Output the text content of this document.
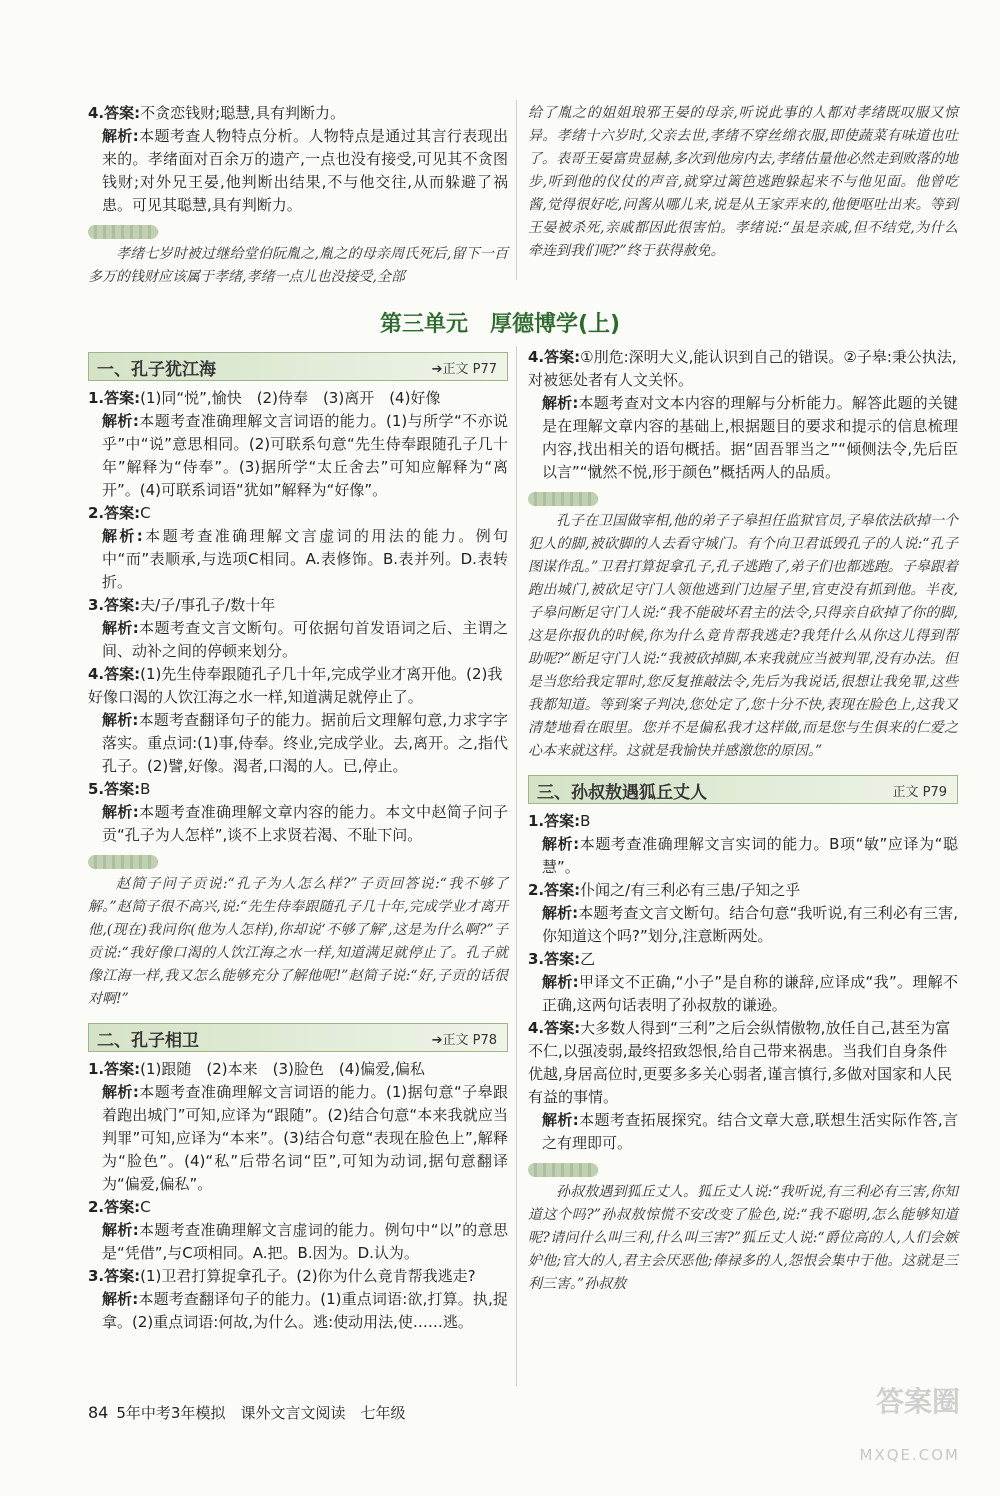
4.答案:不贪恋钱财;聪慧,具有判断力。

解析:本题考查人物特点分析。人物特点是通过其言行表现出来的。孝绪面对百余万的遗产,一点也没有接受,可见其不贪图钱财;对外兄王晏,他判断出结果,不与他交往,从而躲避了祸患。可见其聪慧,具有判断力。

孝绪七岁时被过继给堂伯阮胤之,胤之的母亲周氏死后,留下一百多万的钱财应该属于孝绪,孝绪一点儿也没接受,全部

给了胤之的姐姐琅邪王晏的母亲,听说此事的人都对孝绪既叹服又惊异。孝绪十六岁时,父亲去世,孝绪不穿丝绵衣服,即使蔬菜有味道也吐了。表哥王晏富贵显赫,多次到他房内去,孝绪估量他必然走到败落的地步,听到他的仪仗的声音,就穿过篱笆逃跑躲起来不与他见面。他曾吃酱,觉得很好吃,问酱从哪儿来,说是从王家弄来的,他便呕吐出来。等到王晏被杀死,亲戚都因此很害怕。孝绪说:“虽是亲戚,但不结党,为什么牵连到我们呢?”终于获得赦免。

第三单元　厚德博学(上)
一、孔子犹江海	➔正文 P77

1.答案:(1)同“悦”,愉快　(2)侍奉　(3)离开　(4)好像

解析:本题考查准确理解文言词语的能力。(1)与所学“不亦说乎”中“说”意思相同。(2)可联系句意“先生侍奉跟随孔子几十年”解释为“侍奉”。(3)据所学“太丘舍去”可知应解释为“离开”。(4)可联系词语“犹如”解释为“好像”。

2.答案:C

解析:本题考查准确理解文言虚词的用法的能力。例句中“而”表顺承,与选项C相同。A.表修饰。B.表并列。D.表转折。

3.答案:夫/子/事孔子/数十年

解析:本题考查文言文断句。可依据句首发语词之后、主谓之间、动补之间的停顿来划分。

4.答案:(1)先生侍奉跟随孔子几十年,完成学业才离开他。(2)我好像口渴的人饮江海之水一样,知道满足就停止了。

解析:本题考查翻译句子的能力。据前后文理解句意,力求字字落实。重点词:(1)事,侍奉。终业,完成学业。去,离开。之,指代孔子。(2)譬,好像。渴者,口渴的人。已,停止。

5.答案:B

解析:本题考查准确理解文章内容的能力。本文中赵简子问子贡“孔子为人怎样”,谈不上求贤若渴、不耻下问。

赵简子问子贡说:“孔子为人怎么样?”子贡回答说:“我不够了解。”赵简子很不高兴,说:“先生侍奉跟随孔子几十年,完成学业才离开他,(现在)我问你(他为人怎样),你却说‘不够了解’,这是为什么啊?”子贡说:“我好像口渴的人饮江海之水一样,知道满足就停止了。孔子就像江海一样,我又怎么能够充分了解他呢!”赵简子说:“好,子贡的话很对啊!”

二、孔子相卫	➔正文 P78

1.答案:(1)跟随　(2)本来　(3)脸色　(4)偏爱,偏私

解析:本题考查准确理解文言词语的能力。(1)据句意“子皋跟着跑出城门”可知,应译为“跟随”。(2)结合句意“本来我就应当判罪”可知,应译为“本来”。(3)结合句意“表现在脸色上”,解释为“脸色”。(4)“私”后带名词“臣”,可知为动词,据句意翻译为“偏爱,偏私”。

2.答案:C

解析:本题考查准确理解文言虚词的能力。例句中“以”的意思是“凭借”,与C项相同。A.把。B.因为。D.认为。

3.答案:(1)卫君打算捉拿孔子。(2)你为什么竟肯帮我逃走?

解析:本题考查翻译句子的能力。(1)重点词语:欲,打算。执,捉拿。(2)重点词语:何故,为什么。逃:使动用法,使……逃。

4.答案:①刖危:深明大义,能认识到自己的错误。②子皋:秉公执法,对被惩处者有人文关怀。

解析:本题考查对文本内容的理解与分析能力。解答此题的关键是在理解文章内容的基础上,根据题目的要求和提示的信息梳理内容,找出相关的语句概括。据“固吾罪当之”“倾侧法令,先后臣以言”“憱然不悦,形于颜色”概括两人的品质。

孔子在卫国做宰相,他的弟子子皋担任监狱官员,子皋依法砍掉一个犯人的脚,被砍脚的人去看守城门。有个向卫君诋毁孔子的人说:“孔子图谋作乱。”卫君打算捉拿孔子,孔子逃跑了,弟子们也都逃跑。子皋跟着跑出城门,被砍足守门人领他逃到门边屋子里,官吏没有抓到他。半夜,子皋问断足守门人说:“我不能破坏君主的法令,只得亲自砍掉了你的脚,这是你报仇的时候,你为什么竟肯帮我逃走?我凭什么从你这儿得到帮助呢?”断足守门人说:“我被砍掉脚,本来我就应当被判罪,没有办法。但是当您给我定罪时,您反复推敲法令,先后为我说话,很想让我免罪,这些我都知道。等到案子判决,您处定了,您十分不快,表现在脸色上,这我又清楚地看在眼里。您并不是偏私我才这样做,而是您与生俱来的仁爱之心本来就这样。这就是我愉快并感激您的原因。”

三、孙叔敖遇狐丘丈人	正文 P79

1.答案:B

解析:本题考查准确理解文言实词的能力。B项“敏”应译为“聪慧”。

2.答案:仆闻之/有三利必有三患/子知之乎

解析:本题考查文言文断句。结合句意“我听说,有三利必有三害,你知道这个吗?”划分,注意断两处。

3.答案:乙

解析:甲译文不正确,“小子”是自称的谦辞,应译成“我”。理解不正确,这两句话表明了孙叔敖的谦逊。

4.答案:大多数人得到“三利”之后会纵情傲物,放任自己,甚至为富不仁,以强凌弱,最终招致怨恨,给自己带来祸患。当我们自身条件优越,身居高位时,更要多多关心弱者,谨言慎行,多做对国家和人民有益的事情。

解析:本题考查拓展探究。结合文章大意,联想生活实际作答,言之有理即可。

孙叔敖遇到狐丘丈人。狐丘丈人说:“我听说,有三利必有三害,你知道这个吗?”孙叔敖惊慌不安改变了脸色,说:“我不聪明,怎么能够知道呢?请问什么叫三利,什么叫三害?”狐丘丈人说:“爵位高的人,人们会嫉妒他;官大的人,君主会厌恶他;俸禄多的人,怨恨会集中于他。这就是三利三害。”孙叔敖

84 5年中考3年模拟　课外文言文阅读　七年级	答案圈
MXQE.COM
